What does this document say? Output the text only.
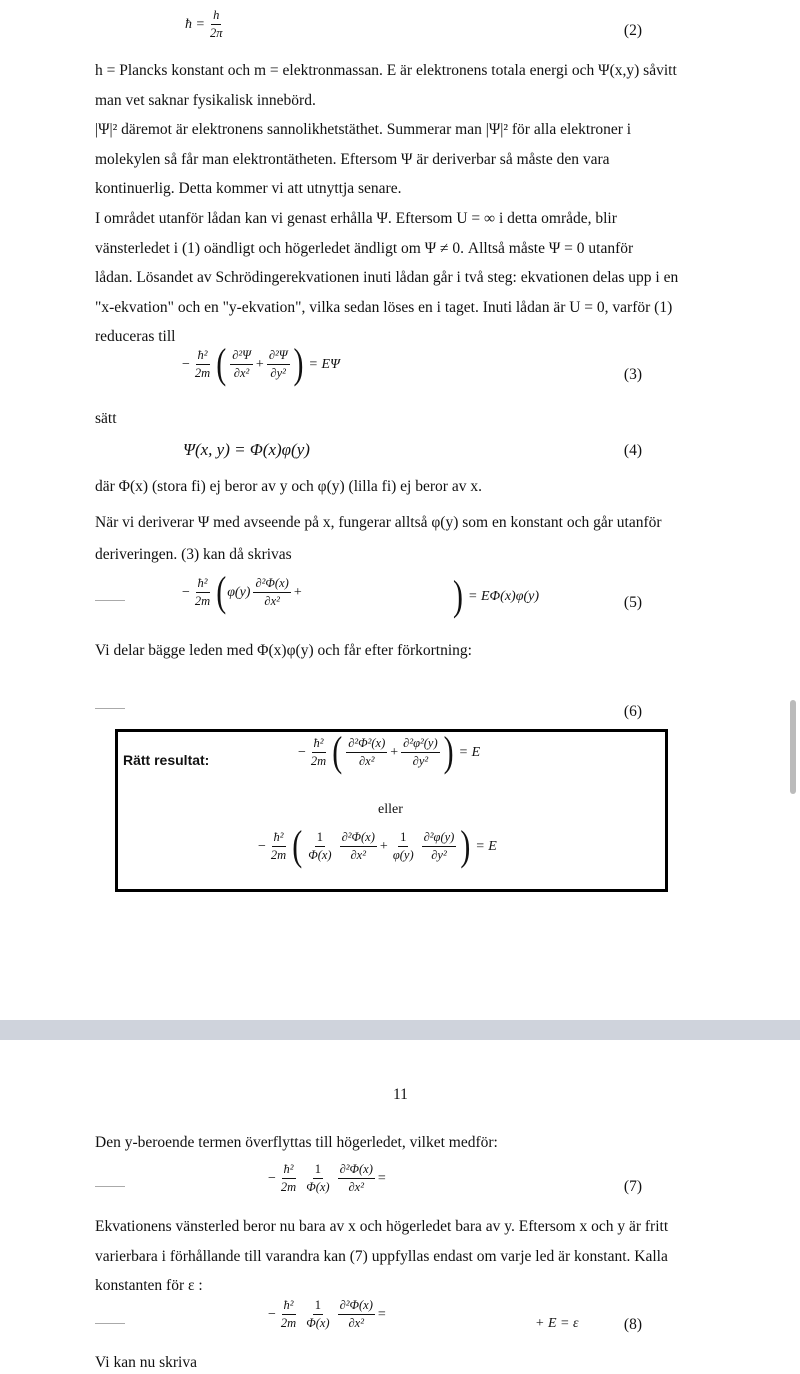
ħ = $\frac{h}{2\pi}$	(2)
h = Plancks konstant och m = elektronmassan. E är elektronens totala energi och Ψ(x,y) såvitt
man vet saknar fysikalisk innebörd.
|Ψ|² däremot är elektronens sannolikhetstäthet. Summerar man |Ψ|² för alla elektroner i
molekylen så får man elektrontätheten. Eftersom Ψ är deriverbar så måste den vara
kontinuerlig. Detta kommer vi att utnyttja senare.
I området utanför lådan kan vi genast erhålla Ψ. Eftersom U = ∞ i detta område, blir
vänsterledet i (1) oändligt och högerledet ändligt om Ψ ≠ 0. Alltså måste Ψ = 0 utanför
lådan. Lösandet av Schrödingerekvationen inuti lådan går i två steg: ekvationen delas upp i en
"x-ekvation" och en "y-ekvation", vilka sedan löses en i taget. Inuti lådan är U = 0, varför (1)
reduceras till
− $\frac{\text{ħ²}}{2m}$ ( $\frac{\text{∂²Ψ}}{\text{∂x²}} + \frac{\text{∂²Ψ}}{\text{∂y²}}$ ) = EΨ
(3)
sätt
Ψ(x, y) = Φ(x)φ(y)	(4)
där Φ(x) (stora fi) ej beror av y och φ(y) (lilla fi) ej beror av x.
När vi deriverar Ψ med avseende på x, fungerar alltså φ(y) som en konstant och går utanför
deriveringen. (3) kan då skrivas
− $\frac{\text{ħ²}}{2m}$ ( $\varphi(y) \frac{\text{∂²Φ(x)}}{\text{∂x²}}$ +	) = EΦ(x)φ(y)	(5)
Vi delar bägge leden med Φ(x)φ(y) och får efter förkortning:
(6)
Rätt resultat:	− $\frac{\text{ħ²}}{2m}$ ( $\frac{\text{∂²Φ²(x)}}{\text{∂x²}} + \frac{\text{∂²φ²(y)}}{\text{∂y²}}$ ) = E
eller
− $\frac{\text{ħ²}}{2m}$ ( $\frac{1}{\Phi(x)} \frac{\text{∂²Φ(x)}}{\text{∂x²}} + \frac{1}{\varphi(y)} \frac{\text{∂²φ(y)}}{\text{∂y²}}$ ) = E
11
Den y-beroende termen överflyttas till högerledet, vilket medför:
− $\frac{\text{ħ²}}{2m} \frac{1}{\Phi(x)} \frac{\text{∂²Φ(x)}}{\text{∂x²}}$ =	(7)
Ekvationens vänsterled beror nu bara av x och högerledet bara av y. Eftersom x och y är fritt
varierbara i förhållande till varandra kan (7) uppfyllas endast om varje led är konstant. Kalla
konstanten för ε :
− $\frac{\text{ħ²}}{2m} \frac{1}{\Phi(x)} \frac{\text{∂²Φ(x)}}{\text{∂x²}}$ =
+ E = ε	(8)
Vi kan nu skriva
